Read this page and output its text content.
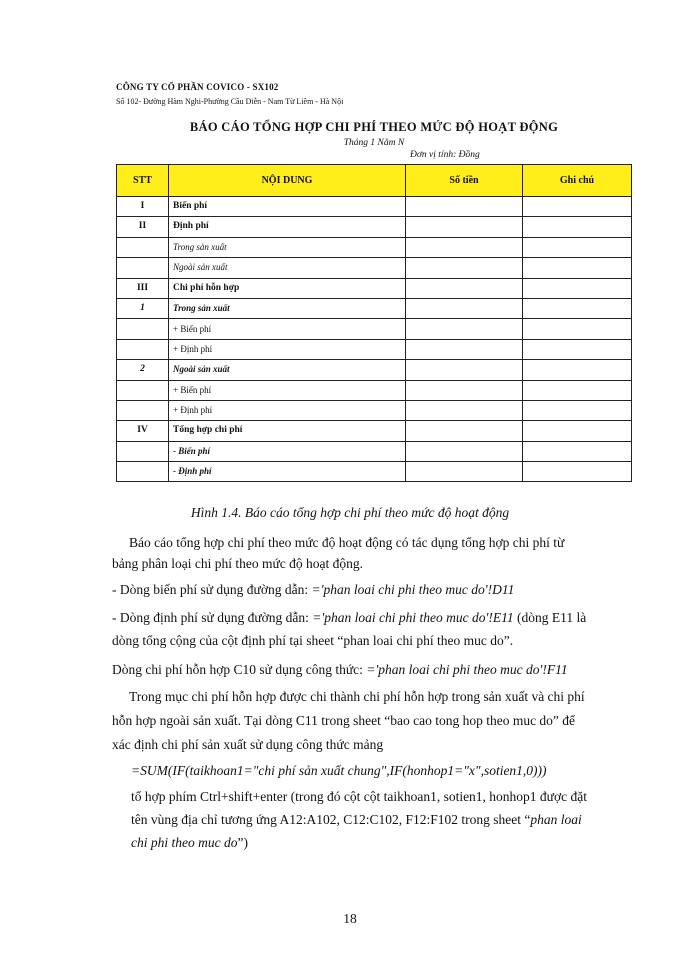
CÔNG TY CỔ PHẦN COVICO - SX102
Số 102- Đường Hàm Nghi-Phường Cầu Diễn - Nam Từ Liêm - Hà Nội
BÁO CÁO TỔNG HỢP CHI PHÍ THEO MỨC ĐỘ HOẠT ĐỘNG
Tháng 1 Năm N
Đơn vị tính: Đồng
STT	NỘI DUNG	Số tiền	Ghi chú
I	Biến phí		
II	Định phí		
	Trong sản xuất		
	Ngoài sản xuất		
III	Chi phí hỗn hợp		
1	Trong sản xuất		
	+ Biến phí		
	+ Định phí		
2	Ngoài sản xuất		
	+ Biến phí		
	+ Định phí		
IV	Tổng hợp chi phí		
	- Biến phí		
	- Định phí		
Hình 1.4. Báo cáo tổng hợp chi phí theo mức độ hoạt động
Báo cáo tổng hợp chi phí theo mức độ hoạt động có tác dụng tổng hợp chi phí từ
bảng phân loại chi phí theo mức độ hoạt động.
- Dòng biến phí sử dụng đường dẫn: ='phan loai chi phi theo muc do'!D11
- Dòng định phí sử dụng đường dẫn: ='phan loai chi phi theo muc do'!E11 (dòng E11 là
dòng tổng cộng của cột định phí tại sheet “phan loai chi phí theo muc do”.
Dòng chi phí hỗn hợp C10 sử dụng công thức: ='phan loai chi phi theo muc do'!F11
Trong mục chi phí hỗn hợp được chi thành chi phí hỗn hợp trong sản xuất và chi phí
hỗn hợp ngoài sản xuất. Tại dòng C11 trong sheet “bao cao tong hop theo muc do” để
xác định chi phí sản xuất sử dụng công thức mảng
=SUM(IF(taikhoan1="chi phí sản xuất chung",IF(honhop1="x",sotien1,0)))
tổ hợp phím Ctrl+shift+enter (trong đó cột cột taikhoan1, sotien1, honhop1 được đặt
tên vùng địa chỉ tương ứng A12:A102, C12:C102, F12:F102 trong sheet “phan loai
chi phi theo muc do”)
18
